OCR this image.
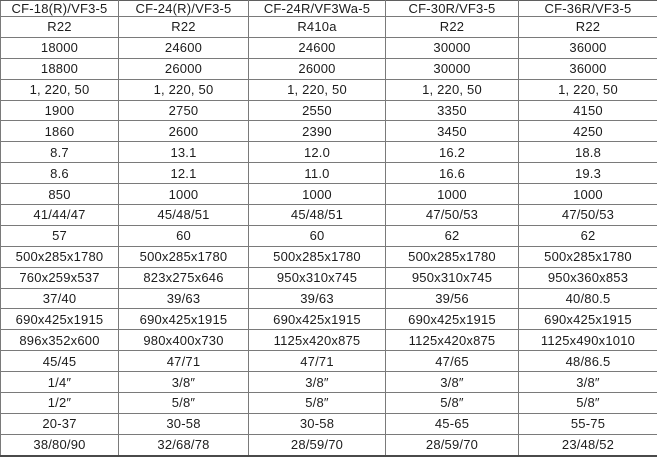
CF-18(R)/VF3-5	CF-24(R)/VF3-5	CF-24R/VF3Wa-5	CF-30R/VF3-5	CF-36R/VF3-5
R22	R22	R410a	R22	R22
18000	24600	24600	30000	36000
18800	26000	26000	30000	36000
1, 220, 50	1, 220, 50	1, 220, 50	1, 220, 50	1, 220, 50
1900	2750	2550	3350	4150
1860	2600	2390	3450	4250
8.7	13.1	12.0	16.2	18.8
8.6	12.1	11.0	16.6	19.3
850	1000	1000	1000	1000
41/44/47	45/48/51	45/48/51	47/50/53	47/50/53
57	60	60	62	62
500x285x1780	500x285x1780	500x285x1780	500x285x1780	500x285x1780
760x259x537	823x275x646	950x310x745	950x310x745	950x360x853
37/40	39/63	39/63	39/56	40/80.5
690x425x1915	690x425x1915	690x425x1915	690x425x1915	690x425x1915
896x352x600	980x400x730	1125x420x875	1125x420x875	1125x490x1010
45/45	47/71	47/71	47/65	48/86.5
1/4″	3/8″	3/8″	3/8″	3/8″
1/2″	5/8″	5/8″	5/8″	5/8″
20-37	30-58	30-58	45-65	55-75
38/80/90	32/68/78	28/59/70	28/59/70	23/48/52
